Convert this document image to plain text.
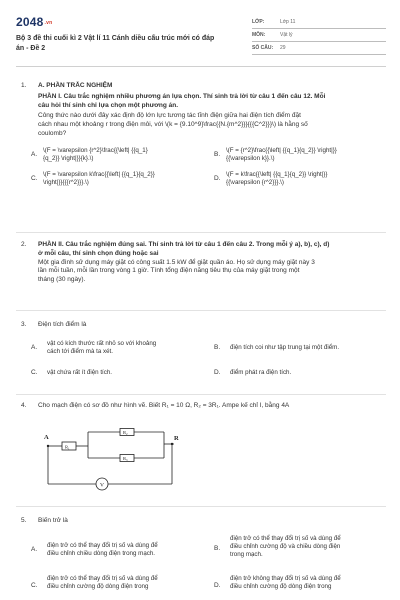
2048.vn
Bộ 3 đề thi cuối kì 2 Vật lí 11 Cánh diều cấu trúc mới có đáp án - Đề 2
LỚP:	Lớp 11
MÔN:	Vật lý
SỐ CÂU:	29
1. A. PHẦN TRẮC NGHIỆM

PHẦN I. Câu trắc nghiệm nhiều phương án lựa chọn. Thí sinh trả lời từ câu 1 đến câu 12. Mỗi

câu hỏi thí sinh chỉ lựa chọn một phương án.

Công thức nào dưới đây xác định độ lớn lực tương tác tĩnh điện giữa hai điện tích điểm đặt

cách nhau một khoảng r trong điện môi, với \(k = {9.10^9}\frac{{N.{m^2}}}{{{C^2}}}\) là hằng số

coulomb?

A.
\(F = \varepsilon {r^2}\frac{{\left| {{q_1}
{q_2}} \right|}}{k}.\)
B.
\(F = {r^2}\frac{{\left| {{q_1}{q_2}} \right|}}
{{\varepsilon k}}.\)
C.
\(F = \varepsilon k\frac{{\left| {{q_1}{q_2}}
\right|}}{{{r^2}}}.\)
D.
\(F = k\frac{{\left| {{q_1}{q_2}} \right|}}
{{\varepsilon {r^2}}}.\)
2. PHẦN II. Câu trắc nghiệm đúng sai. Thí sinh trả lời từ câu 1 đến câu 2. Trong mỗi ý a), b), c), d)

ở mỗi câu, thí sinh chọn đúng hoặc sai

Một gia đình sử dụng máy giặt có công suất 1.5 kW để giặt quần áo. Họ sử dụng máy giặt này 3

lần mỗi tuần, mỗi lần trong vòng 1 giờ. Tính tổng điện năng tiêu thụ của máy giặt trong một

tháng (30 ngày).

3. Điện tích điểm là

A.
vật có kích thước rất nhỏ so với khoảng
cách tới điểm mà ta xét.
B. điện tích coi như tập trung tại một điểm.
C. vật chứa rất ít điện tích.	D. điểm phát ra điện tích.
4. Cho mạch điện có sơ đồ như hình vẽ. Biết R₁ = 10 Ω, R₂ = 3R₁. Ampe kế chỉ I, bằng 4A

A	R
R₁
R₂
R₃
V
5. Biến trở là

A.
điện trở có thể thay đổi trị số và dùng để
điều chỉnh chiều dòng điện trong mạch.
B.
điện trở có thể thay đổi trị số và dùng để
điều chỉnh cường độ và chiều dòng điện
trong mạch.
C.
điện trở có thể thay đổi trị số và dùng để
điều chỉnh cường độ dòng điện trong	D.
điện trở không thay đổi trị số và dùng để
điều chỉnh cường độ dòng điện trong
